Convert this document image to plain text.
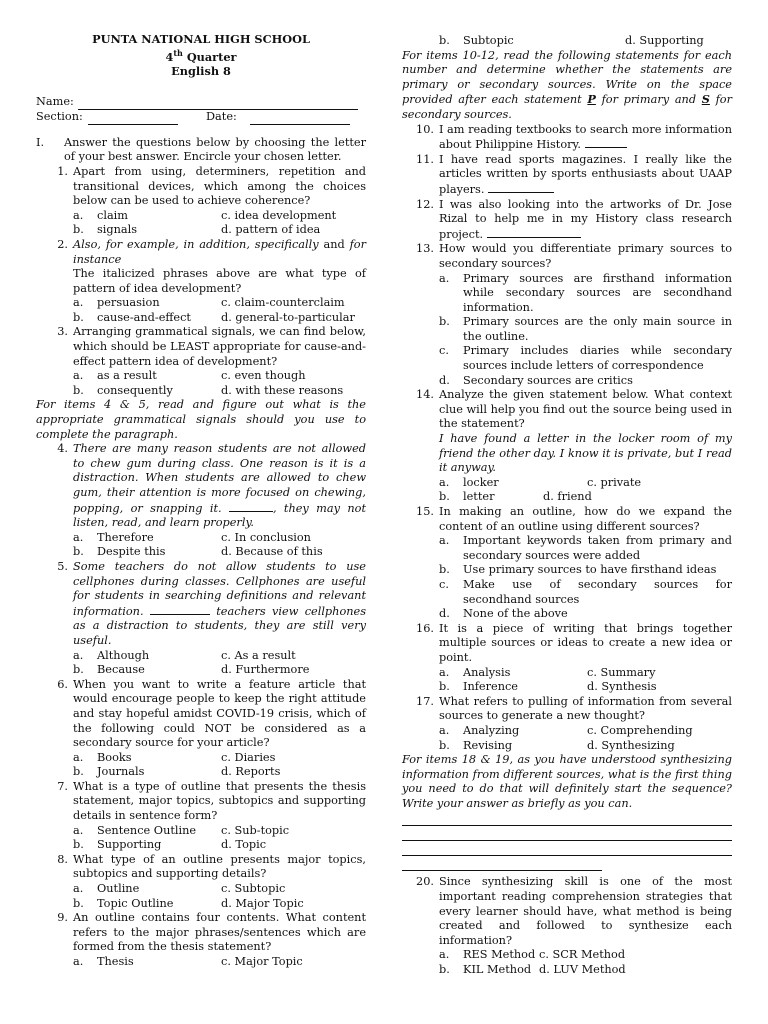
PUNTA NATIONAL HIGH SCHOOL
4th Quarter
English 8
Name:
Section:	Date:
I.	Answer the questions below by choosing the letter of your best answer. Encircle your chosen letter.
1. Apart from using, determiners, repetition and transitional devices, which among the choices below can be used to achieve coherence?
a.	claim	c. idea development
b.	signals	d. pattern of idea
2. Also, for example, in addition, specifically and for instance
The italicized phrases above are what type of pattern of idea development?
a.	persuasion	c. claim-counterclaim
b.	cause-and-effect	d. general-to-particular
3. Arranging grammatical signals, we can find below, which should be LEAST appropriate for cause-and-effect pattern idea of development?
a.	as a result	c. even though
b.	consequently	d. with these reasons
For items 4 & 5, read and figure out what is the appropriate grammatical signals should you use to complete the paragraph.
4. There are many reason students are not allowed to chew gum during class. One reason is it is a distraction. When students are allowed to chew gum, their attention is more focused on chewing, popping, or snapping it.	, they may not listen, read, and learn properly.
a.	Therefore	c. In conclusion
b.	Despite this	d. Because of this
5. Some teachers do not allow students to use cellphones during classes. Cellphones are useful for students in searching definitions and relevant information.	teachers view cellphones as a distraction to students, they are still very useful.
a.	Although	c. As a result
b.	Because	d. Furthermore
6. When you want to write a feature article that would encourage people to keep the right attitude and stay hopeful amidst COVID-19 crisis, which of the following could NOT be considered as a secondary source for your article?
a.	Books	c. Diaries
b.	Journals	d. Reports
7. What is a type of outline that presents the thesis statement, major topics, subtopics and supporting details in sentence form?
a.	Sentence Outline c. Sub-topic
b.	Supporting	d. Topic
8. What type of an outline presents major topics, subtopics and supporting details?
a.	Outline	c. Subtopic
b.	Topic Outline	d. Major Topic
9. An outline contains four contents. What content refers to the major phrases/sentences which are formed from the thesis statement?
a.	Thesis	c. Major Topic
b.	Subtopic	d. Supporting
For items 10-12, read the following statements for each number and determine whether the statements are primary or secondary sources. Write on the space provided after each statement P for primary and S for secondary sources.
10. I am reading textbooks to search more information about Philippine History.
11. I have read sports magazines. I really like the articles written by sports enthusiasts about UAAP players.
12. I was also looking into the artworks of Dr. Jose Rizal to help me in my History class research project.
13. How would you differentiate primary sources to secondary sources?
a.	Primary sources are firsthand information while secondary sources are secondhand information.
b.	Primary sources are the only main source in the outline.
c.	Primary includes diaries while secondary sources include letters of correspondence
d.	Secondary sources are critics
14. Analyze the given statement below. What context clue will help you find out the source being used in the statement?
I have found a letter in the locker room of my friend the other day. I know it is private, but I read it anyway.
a.	locker	c. private
b.	letter	d. friend
15. In making an outline, how do we expand the content of an outline using different sources?
a.	Important keywords taken from primary and secondary sources were added
b.	Use primary sources to have firsthand ideas
c.	Make use of secondary sources for secondhand sources
d.	None of the above
16. It is a piece of writing that brings together multiple sources or ideas to create a new idea or point.
a.	Analysis	c. Summary
b.	Inference	d. Synthesis
17. What refers to pulling of information from several sources to generate a new thought?
a.	Analyzing	c. Comprehending
b.	Revising	d. Synthesizing
For items 18 & 19, as you have understood synthesizing information from different sources, what is the first thing you need to do that will definitely start the sequence? Write your answer as briefly as you can.
20. Since synthesizing skill is one of the most important reading comprehension strategies that every learner should have, what method is being created and followed to synthesize each information?
a.	RES Method c. SCR Method
b.	KIL Method d. LUV Method
